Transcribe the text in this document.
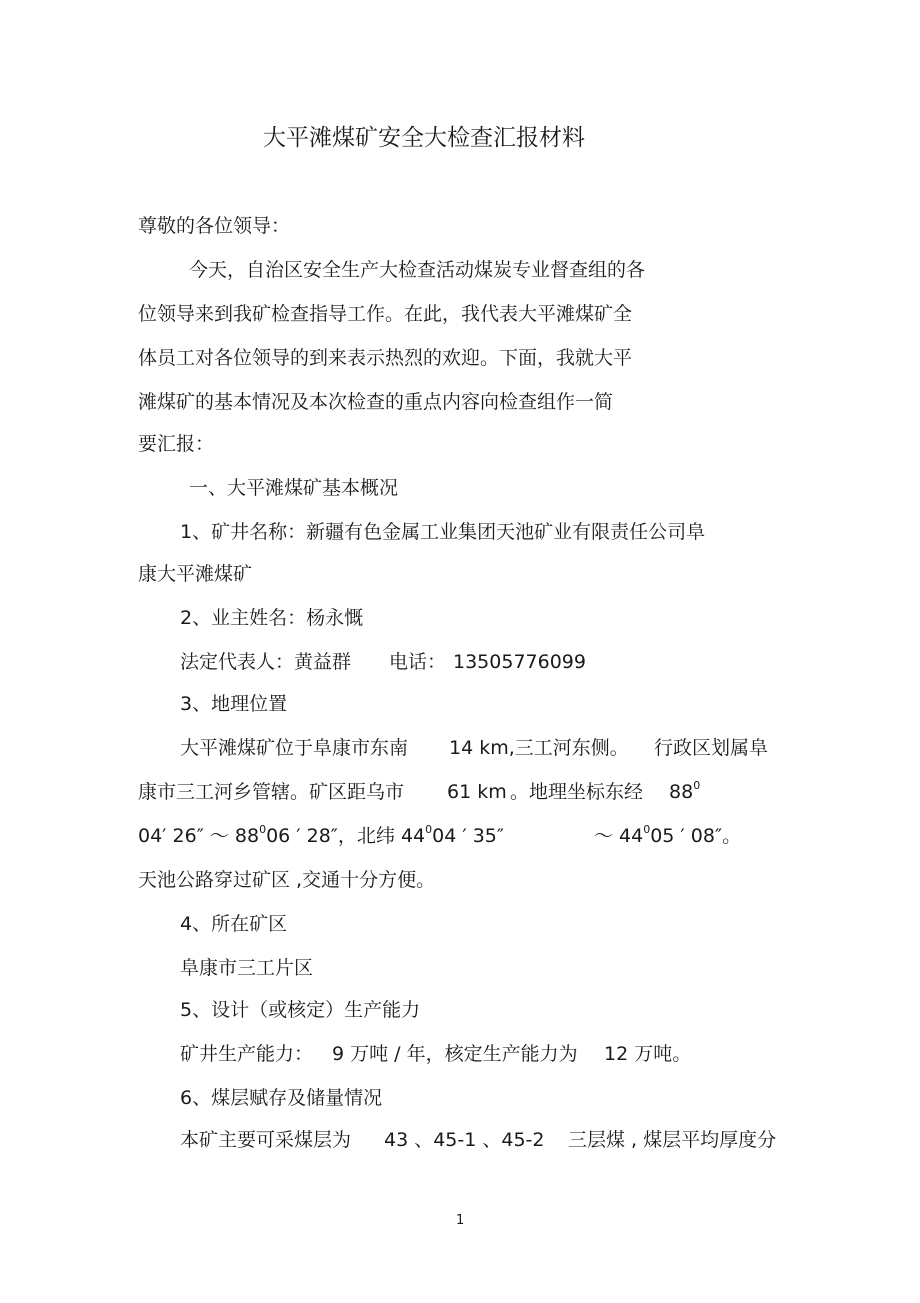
大平滩煤矿安全大检查汇报材料
尊敬的各位领导：
今天，自治区安全生产大检查活动煤炭专业督查组的各
位领导来到我矿检查指导工作。在此，我代表大平滩煤矿全
体员工对各位领导的到来表示热烈的欢迎。下面，我就大平
滩煤矿的基本情况及本次检查的重点内容向检查组作一简
要汇报：
一、大平滩煤矿基本概况
1、矿井名称：新疆有色金属工业集团天池矿业有限责任公司阜
康大平滩煤矿
2、业主姓名：杨永慨
法定代表人：黄益群 电话： 13505776099
3、地理位置
大平滩煤矿位于阜康市东南 14 km,三工河东侧。 行政区划属阜
康市三工河乡管辖。矿区距乌市 61 km 。地理坐标东经 $88^0$
04′ 26″ ～ $88^006$ ′ 28″，北纬 $44^004$ ′ 35″	～ $44^005$ ′ 08″。
天池公路穿过矿区 ,交通十分方便。
4、所在矿区
阜康市三工片区
5、设计（或核定）生产能力
矿井生产能力： 9 万吨 / 年，核定生产能力为 12 万吨。
6、煤层赋存及储量情况
本矿主要可采煤层为 43 、45-1 、45-2 三层煤 , 煤层平均厚度分
1
